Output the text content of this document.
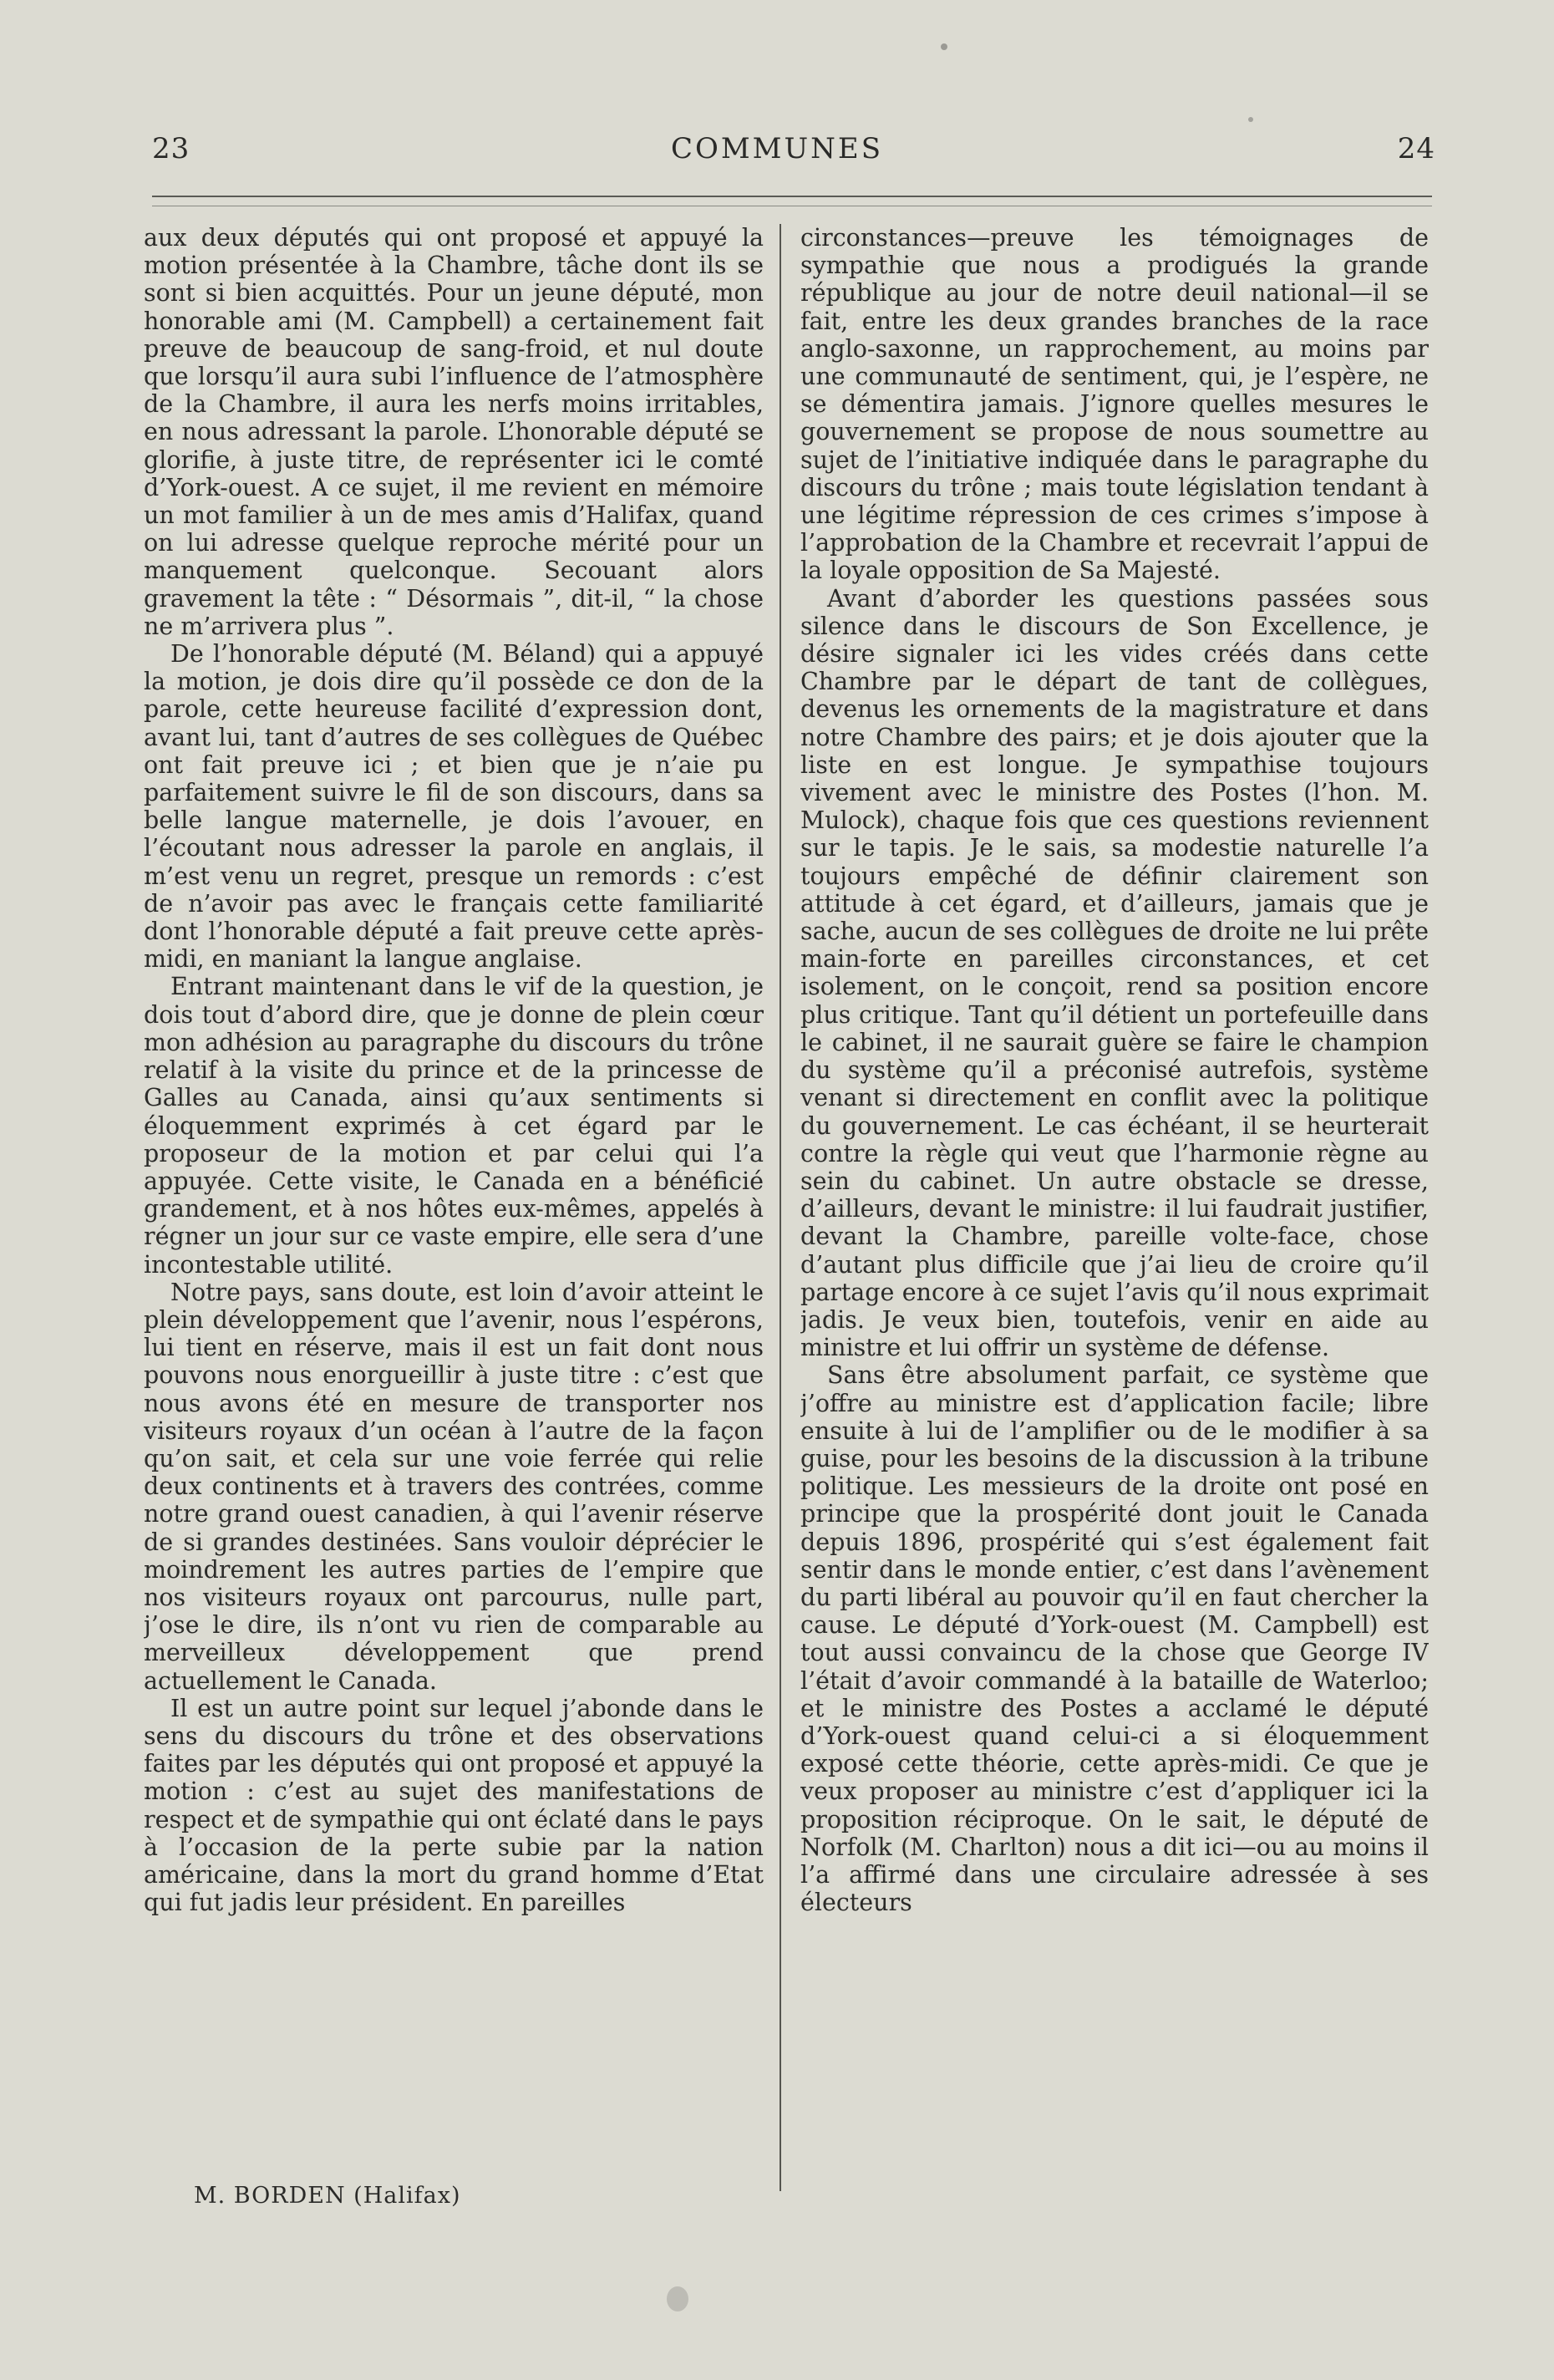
23	COMMUNES	24

aux deux députés qui ont proposé et appuyé la motion présentée à la Chambre, tâche dont ils se sont si bien acquittés. Pour un jeune député, mon honorable ami (M. Campbell) a certainement fait preuve de beaucoup de sang-froid, et nul doute que lorsqu’il aura subi l’influence de l’atmosphère de la Chambre, il aura les nerfs moins irritables, en nous adressant la parole. L’honorable député se glorifie, à juste titre, de représenter ici le comté d’York-ouest. A ce sujet, il me revient en mémoire un mot familier à un de mes amis d’Halifax, quand on lui adresse quelque reproche mérité pour un manquement quelconque. Secouant alors gravement la tête : “ Désormais ”, dit-il, “ la chose ne m’arrivera plus ”.

De l’honorable député (M. Béland) qui a appuyé la motion, je dois dire qu’il possède ce don de la parole, cette heureuse facilité d’expression dont, avant lui, tant d’autres de ses collègues de Québec ont fait preuve ici ; et bien que je n’aie pu parfaitement suivre le fil de son discours, dans sa belle langue maternelle, je dois l’avouer, en l’écoutant nous adresser la parole en anglais, il m’est venu un regret, presque un remords : c’est de n’avoir pas avec le français cette familiarité dont l’honorable député a fait preuve cette après-midi, en maniant la langue anglaise.

Entrant maintenant dans le vif de la question, je dois tout d’abord dire, que je donne de plein cœur mon adhésion au paragraphe du discours du trône relatif à la visite du prince et de la princesse de Galles au Canada, ainsi qu’aux sentiments si éloquemment exprimés à cet égard par le proposeur de la motion et par celui qui l’a appuyée. Cette visite, le Canada en a bénéficié grandement, et à nos hôtes eux-mêmes, appelés à régner un jour sur ce vaste empire, elle sera d’une incontestable utilité.

Notre pays, sans doute, est loin d’avoir atteint le plein développement que l’avenir, nous l’espérons, lui tient en réserve, mais il est un fait dont nous pouvons nous enorgueillir à juste titre : c’est que nous avons été en mesure de transporter nos visiteurs royaux d’un océan à l’autre de la façon qu’on sait, et cela sur une voie ferrée qui relie deux continents et à travers des contrées, comme notre grand ouest canadien, à qui l’avenir réserve de si grandes destinées. Sans vouloir déprécier le moindrement les autres parties de l’empire que nos visiteurs royaux ont parcourus, nulle part, j’ose le dire, ils n’ont vu rien de comparable au merveilleux développement que prend actuellement le Canada.

Il est un autre point sur lequel j’abonde dans le sens du discours du trône et des observations faites par les députés qui ont proposé et appuyé la motion : c’est au sujet des manifestations de respect et de sympathie qui ont éclaté dans le pays à l’occasion de la perte subie par la nation américaine, dans la mort du grand homme d’Etat qui fut jadis leur président. En pareilles

circonstances—preuve les témoignages de sympathie que nous a prodigués la grande république au jour de notre deuil national—il se fait, entre les deux grandes branches de la race anglo-saxonne, un rapprochement, au moins par une communauté de sentiment, qui, je l’espère, ne se démentira jamais. J’ignore quelles mesures le gouvernement se propose de nous soumettre au sujet de l’initiative indiquée dans le paragraphe du discours du trône ; mais toute législation tendant à une légitime répression de ces crimes s’impose à l’approbation de la Chambre et recevrait l’appui de la loyale opposition de Sa Majesté.

Avant d’aborder les questions passées sous silence dans le discours de Son Excellence, je désire signaler ici les vides créés dans cette Chambre par le départ de tant de collègues, devenus les ornements de la magistrature et dans notre Chambre des pairs; et je dois ajouter que la liste en est longue. Je sympathise toujours vivement avec le ministre des Postes (l’hon. M. Mulock), chaque fois que ces questions reviennent sur le tapis. Je le sais, sa modestie naturelle l’a toujours empêché de définir clairement son attitude à cet égard, et d’ailleurs, jamais que je sache, aucun de ses collègues de droite ne lui prête main-forte en pareilles circonstances, et cet isolement, on le conçoit, rend sa position encore plus critique. Tant qu’il détient un portefeuille dans le cabinet, il ne saurait guère se faire le champion du système qu’il a préconisé autrefois, système venant si directement en conflit avec la politique du gouvernement. Le cas échéant, il se heurterait contre la règle qui veut que l’harmonie règne au sein du cabinet. Un autre obstacle se dresse, d’ailleurs, devant le ministre: il lui faudrait justifier, devant la Chambre, pareille volte-face, chose d’autant plus difficile que j’ai lieu de croire qu’il partage encore à ce sujet l’avis qu’il nous exprimait jadis. Je veux bien, toutefois, venir en aide au ministre et lui offrir un système de défense.

Sans être absolument parfait, ce système que j’offre au ministre est d’application facile; libre ensuite à lui de l’amplifier ou de le modifier à sa guise, pour les besoins de la discussion à la tribune politique. Les messieurs de la droite ont posé en principe que la prospérité dont jouit le Canada depuis 1896, prospérité qui s’est également fait sentir dans le monde entier, c’est dans l’avènement du parti libéral au pouvoir qu’il en faut chercher la cause. Le député d’York-ouest (M. Campbell) est tout aussi convaincu de la chose que George IV l’était d’avoir commandé à la bataille de Waterloo; et le ministre des Postes a acclamé le député d’York-ouest quand celui-ci a si éloquemment exposé cette théorie, cette après-midi. Ce que je veux proposer au ministre c’est d’appliquer ici la proposition réciproque. On le sait, le député de Norfolk (M. Charlton) nous a dit ici—ou au moins il l’a affirmé dans une circulaire adressée à ses électeurs

M. BORDEN (Halifax)
